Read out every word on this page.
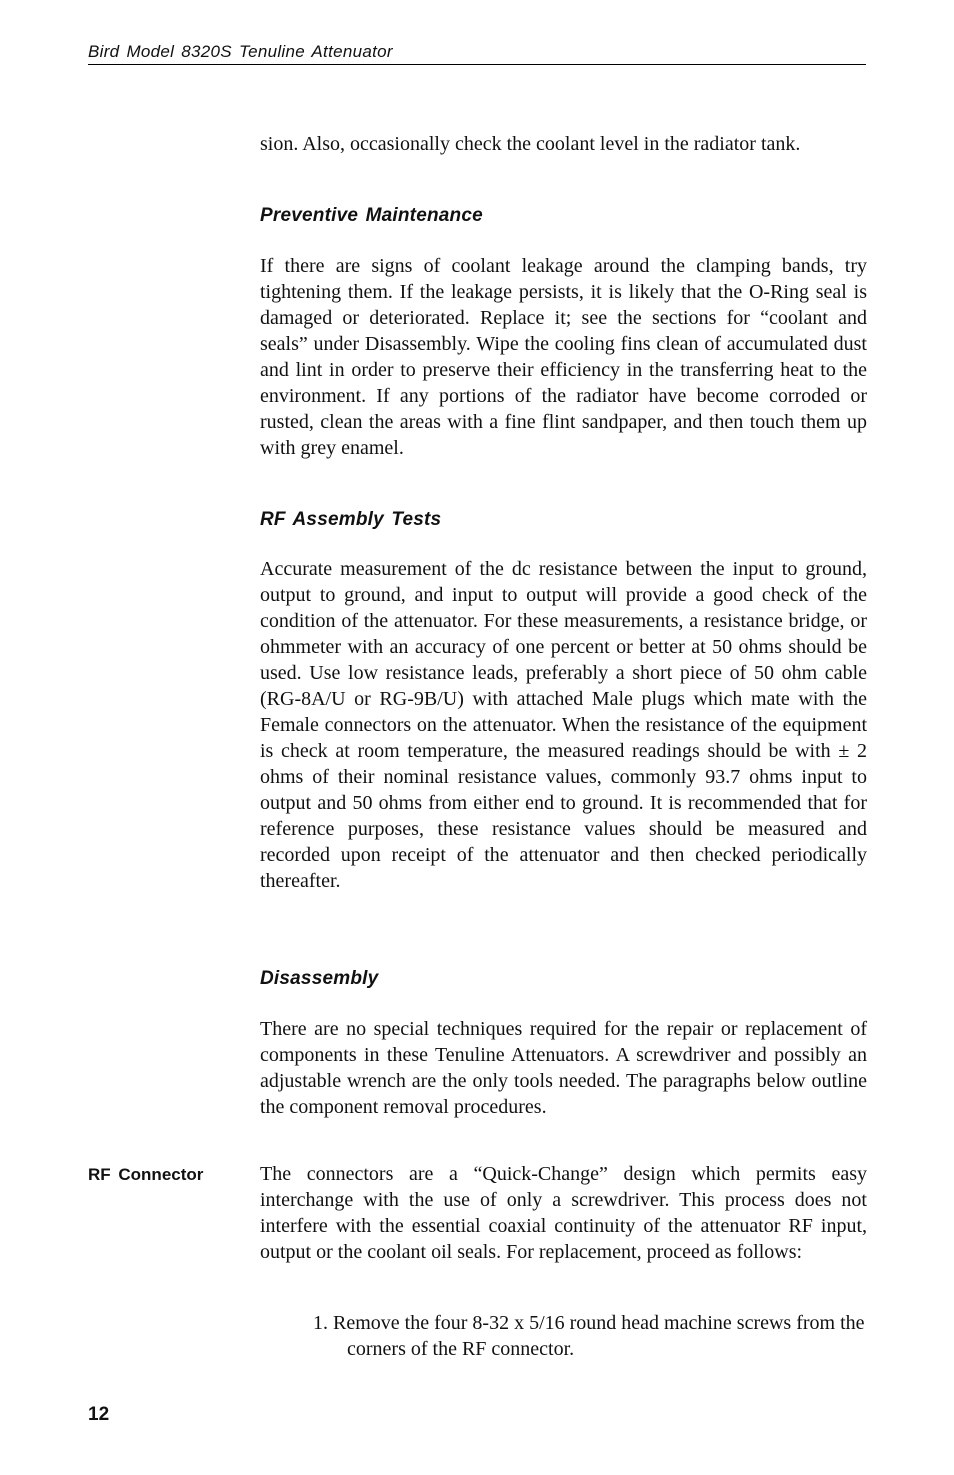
Bird Model 8320S Tenuline Attenuator

sion. Also, occasionally check the coolant level in the radiator tank.

Preventive Maintenance

If there are signs of coolant leakage around the clamping bands, try tightening them. If the leakage persists, it is likely that the O-Ring seal is damaged or deteriorated. Replace it; see the sections for “coolant and seals” under Disassembly. Wipe the cooling fins clean of accumulated dust and lint in order to preserve their efficiency in the transferring heat to the environment. If any portions of the radiator have become corroded or rusted, clean the areas with a fine flint sandpaper, and then touch them up with grey enamel.

RF Assembly Tests

Accurate measurement of the dc resistance between the input to ground, output to ground, and input to output will provide a good check of the condition of the attenuator. For these measurements, a resistance bridge, or ohmmeter with an accuracy of one percent or better at 50 ohms should be used. Use low resistance leads, preferably a short piece of 50 ohm cable (RG-8A/U or RG-9B/U) with attached Male plugs which mate with the Female connectors on the attenuator. When the resistance of the equipment is check at room temperature, the measured readings should be with ± 2 ohms of their nominal resistance values, commonly 93.7 ohms input to output and 50 ohms from either end to ground. It is recommended that for reference purposes, these resistance values should be measured and recorded upon receipt of the attenuator and then checked periodically thereafter.

Disassembly

There are no special techniques required for the repair or replacement of components in these Tenuline Attenuators. A screwdriver and possibly an adjustable wrench are the only tools needed. The paragraphs below outline the component removal procedures.

RF Connector	The connectors are a “Quick-Change” design which permits easy interchange with the use of only a screwdriver. This process does not interfere with the essential coaxial continuity of the attenuator RF input, output or the coolant oil seals. For replacement, proceed as follows:

1. Remove the four 8-32 x 5/16 round head machine screws from the corners of the RF connector.

12
